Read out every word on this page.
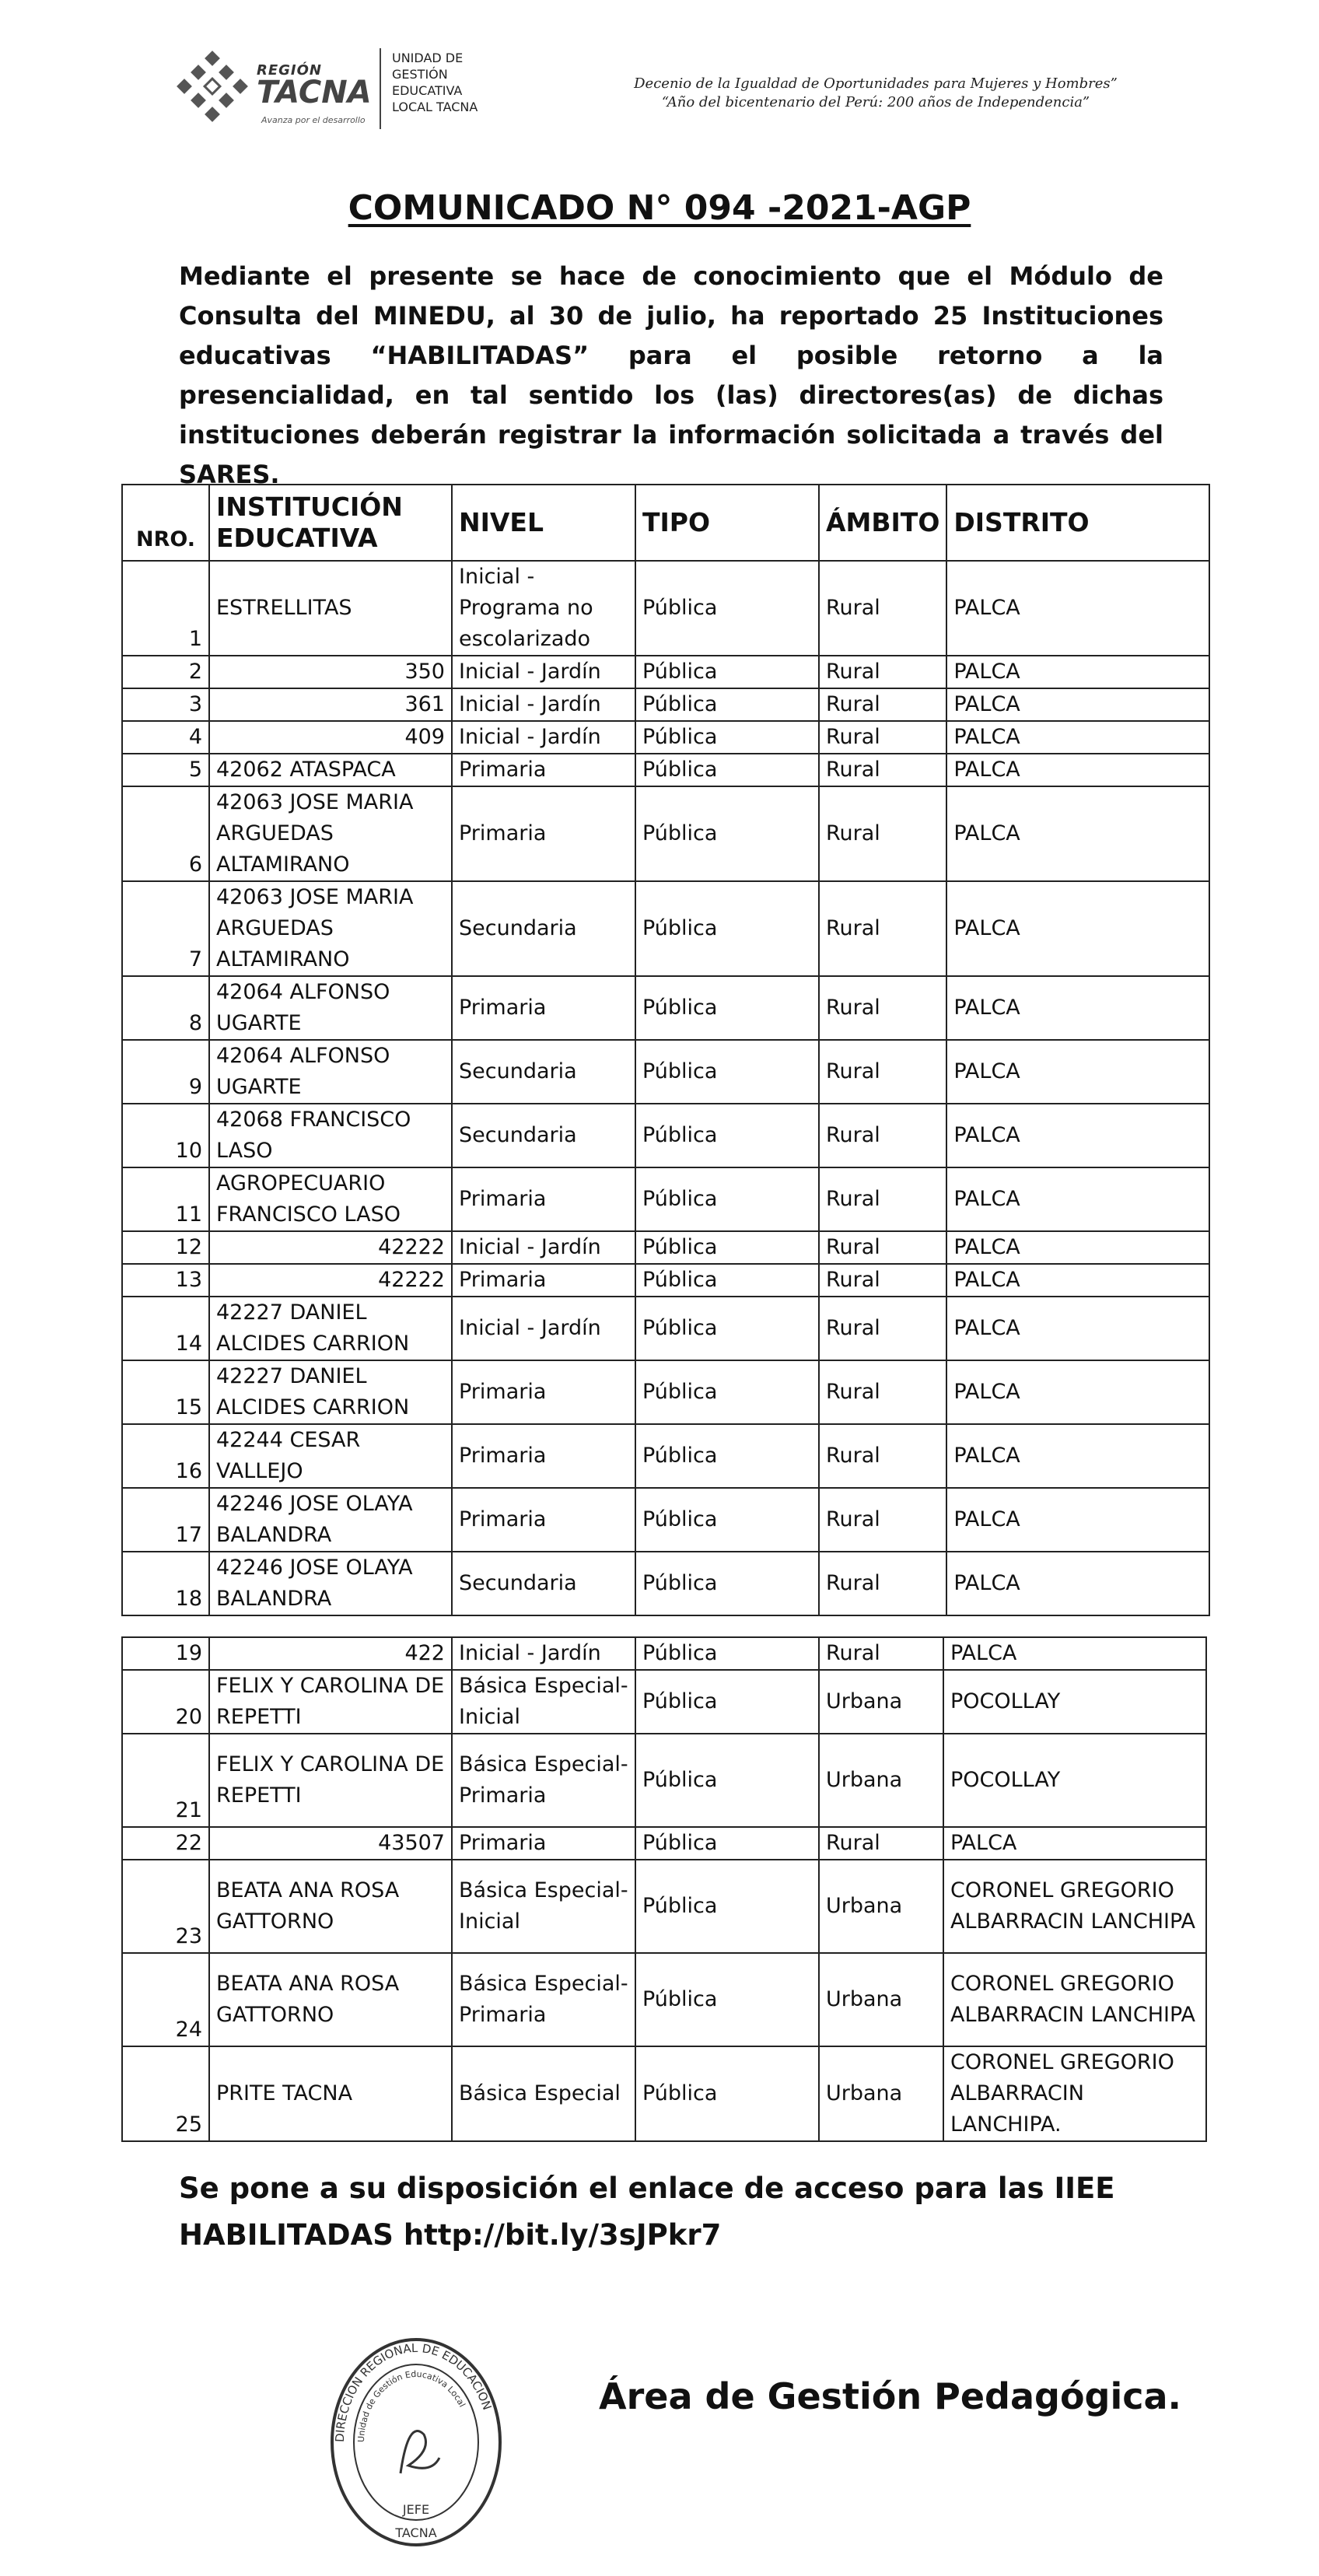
REGIÓN
TACNA
Avanza por el desarrollo
UNIDAD DE
GESTIÓN
EDUCATIVA
LOCAL TACNA
Decenio de la Igualdad de Oportunidades para Mujeres y Hombres”
“Año del bicentenario del Perú: 200 años de Independencia”
COMUNICADO N° 094 -2021-AGP
Mediante el presente se hace de conocimiento que el Módulo de Consulta del MINEDU, al 30 de julio, ha reportado 25 Instituciones educativas “HABILITADAS” para el posible retorno a la presencialidad, en tal sentido los (las) directores(as) de dichas instituciones deberán registrar la información solicitada a través del SARES.
NRO.	INSTITUCIÓN EDUCATIVA	NIVEL	TIPO	ÁMBITO	DISTRITO
1	ESTRELLITAS	Inicial - Programa no escolarizado	Pública	Rural	PALCA
2	350	Inicial - Jardín	Pública	Rural	PALCA
3	361	Inicial - Jardín	Pública	Rural	PALCA
4	409	Inicial - Jardín	Pública	Rural	PALCA
5	42062 ATASPACA	Primaria	Pública	Rural	PALCA
6	42063 JOSE MARIA ARGUEDAS ALTAMIRANO	Primaria	Pública	Rural	PALCA
7	42063 JOSE MARIA ARGUEDAS ALTAMIRANO	Secundaria	Pública	Rural	PALCA
8	42064 ALFONSO UGARTE	Primaria	Pública	Rural	PALCA
9	42064 ALFONSO UGARTE	Secundaria	Pública	Rural	PALCA
10	42068 FRANCISCO LASO	Secundaria	Pública	Rural	PALCA
11	AGROPECUARIO FRANCISCO LASO	Primaria	Pública	Rural	PALCA
12	42222	Inicial - Jardín	Pública	Rural	PALCA
13	42222	Primaria	Pública	Rural	PALCA
14	42227 DANIEL ALCIDES CARRION	Inicial - Jardín	Pública	Rural	PALCA
15	42227 DANIEL ALCIDES CARRION	Primaria	Pública	Rural	PALCA
16	42244 CESAR VALLEJO	Primaria	Pública	Rural	PALCA
17	42246 JOSE OLAYA BALANDRA	Primaria	Pública	Rural	PALCA
18	42246 JOSE OLAYA BALANDRA	Secundaria	Pública	Rural	PALCA
19	422	Inicial - Jardín	Pública	Rural	PALCA
20	FELIX Y CAROLINA DE REPETTI	Básica Especial-Inicial	Pública	Urbana	POCOLLAY
21	FELIX Y CAROLINA DE REPETTI	Básica Especial-Primaria	Pública	Urbana	POCOLLAY
22	43507	Primaria	Pública	Rural	PALCA
23	BEATA ANA ROSA GATTORNO	Básica Especial-Inicial	Pública	Urbana	CORONEL GREGORIO ALBARRACIN LANCHIPA
24	BEATA ANA ROSA GATTORNO	Básica Especial-Primaria	Pública	Urbana	CORONEL GREGORIO ALBARRACIN LANCHIPA
25	PRITE TACNA	Básica Especial	Pública	Urbana	CORONEL GREGORIO ALBARRACIN LANCHIPA.
Se pone a su disposición el enlace de acceso para las IIEE
HABILITADAS http://bit.ly/3sJPkr7
DIRECCION REGIONAL DE EDUCACION
Unidad de Gestión Educativa Local
JEFE
TACNA
Área de Gestión Pedagógica.
